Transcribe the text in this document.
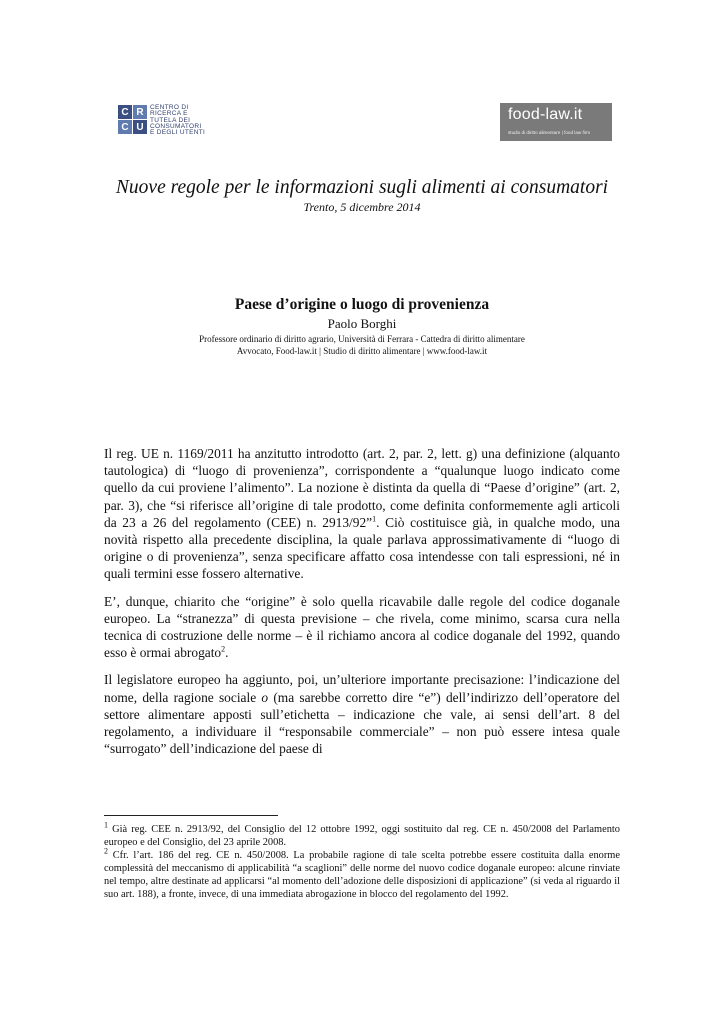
C R
C U
CENTRO DI
RICERCA E
TUTELA DEI
CONSUMATORI
E DEGLI UTENTI
food-law.it
studio di diritto alimentare | food law firm
Nuove regole per le informazioni sugli alimenti ai consumatori
Trento, 5 dicembre 2014
Paese d’origine o luogo di provenienza
Paolo Borghi
Professore ordinario di diritto agrario, Università di Ferrara - Cattedra di diritto alimentare
Avvocato, Food-law.it | Studio di diritto alimentare | www.food-law.it

Il reg. UE n. 1169/2011 ha anzitutto introdotto (art. 2, par. 2, lett. g) una definizione (alquanto tautologica) di “luogo di provenienza”, corrispondente a “qualunque luogo indicato come quello da cui proviene l’alimento”. La nozione è distinta da quella di “Paese d’origine” (art. 2, par. 3), che “si riferisce all’origine di tale prodotto, come definita conformemente agli articoli da 23 a 26 del regolamento (CEE) n. 2913/92”$^1$. Ciò costituisce già, in qualche modo, una novità rispetto alla precedente disciplina, la quale parlava approssimativamente di “luogo di origine o di provenienza”, senza specificare affatto cosa intendesse con tali espressioni, né in quali termini esse fossero alternative.

E’, dunque, chiarito che “origine” è solo quella ricavabile dalle regole del codice doganale europeo. La “stranezza” di questa previsione – che rivela, come minimo, scarsa cura nella tecnica di costruzione delle norme – è il richiamo ancora al codice doganale del 1992, quando esso è ormai abrogato$^2$.

Il legislatore europeo ha aggiunto, poi, un’ulteriore importante precisazione: l’indicazione del nome, della ragione sociale o (ma sarebbe corretto dire “e”) dell’indirizzo dell’operatore del settore alimentare apposti sull’etichetta – indicazione che vale, ai sensi dell’art. 8 del regolamento, a individuare il “responsabile commerciale” – non può essere intesa quale “surrogato” dell’indicazione del paese di

$^1$ Già reg. CEE n. 2913/92, del Consiglio del 12 ottobre 1992, oggi sostituito dal reg. CE n. 450/2008 del Parlamento europeo e del Consiglio, del 23 aprile 2008.

$^2$ Cfr. l’art. 186 del reg. CE n. 450/2008. La probabile ragione di tale scelta potrebbe essere costituita dalla enorme complessità del meccanismo di applicabilità “a scaglioni” delle norme del nuovo codice doganale europeo: alcune rinviate nel tempo, altre destinate ad applicarsi “al momento dell’adozione delle disposizioni di applicazione” (si veda al riguardo il suo art. 188), a fronte, invece, di una immediata abrogazione in blocco del regolamento del 1992.
